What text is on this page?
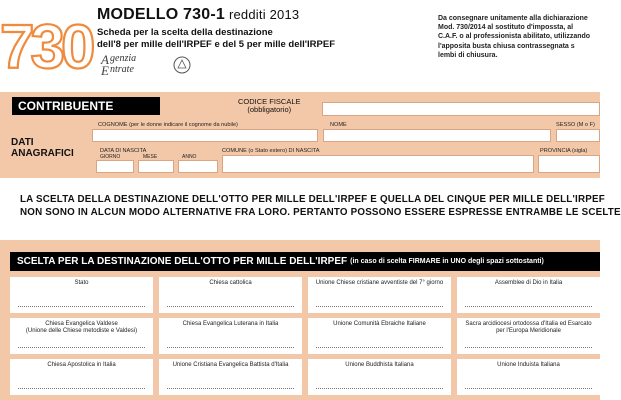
730 MODELLO 730-1 redditi 2013
Scheda per la scelta della destinazione
dell'8 per mille dell'IRPEF e del 5 per mille dell'IRPEF
A
E
genzia
ntrate
Da consegnare unitamente alla dichiarazione
Mod. 730/2014 al sostituto d'impossta, al
C.A.F. o al professionista abilitato, utilizzando
l'apposita busta chiusa contrassegnata s
lembi di chiusura.
CONTRIBUENTE	CODICE FISCALE
(obbligatorio)
DATI
ANAGRAFICI
COGNOME (per le donne indicare il cognome da nubile)	NOME	SESSO (M o F)
DATA DI NASCITA
GIORNO	MESE	ANNO
COMUNE (o Stato estero) DI NASCITA	PROVINCIA (sigla)
LA SCELTA DELLA DESTINAZIONE DELL'OTTO PER MILLE DELL'IRPEF E QUELLA DEL CINQUE PER MILLE DELL'IRPEF
NON SONO IN ALCUN MODO ALTERNATIVE FRA LORO. PERTANTO POSSONO ESSERE ESPRESSE ENTRAMBE LE SCELTE
SCELTA PER LA DESTINAZIONE DELL'OTTO PER MILLE DELL'IRPEF (in caso di scelta FIRMARE in UNO degli spazi sottostanti)
Stato	Chiesa cattolica	Unione Chiese cristiane avventiste del 7° giorno	Assemblee di Dio in Italia
Chiesa Evangelica Valdese
(Unione delle Chiese metodiste e Valdesi)
Chiesa Evangelica Luterana in Italia	Unione Comunità Ebraiche Italiane	Sacra arcidiocesi ortodossa d'Italia ed Esarcato
per l'Europa Meridionale
Chiesa Apostolica in Italia	Unione Cristiana Evangelica Battista d'Italia	Unione Buddhista Italiana	Unione Induista Italiana
